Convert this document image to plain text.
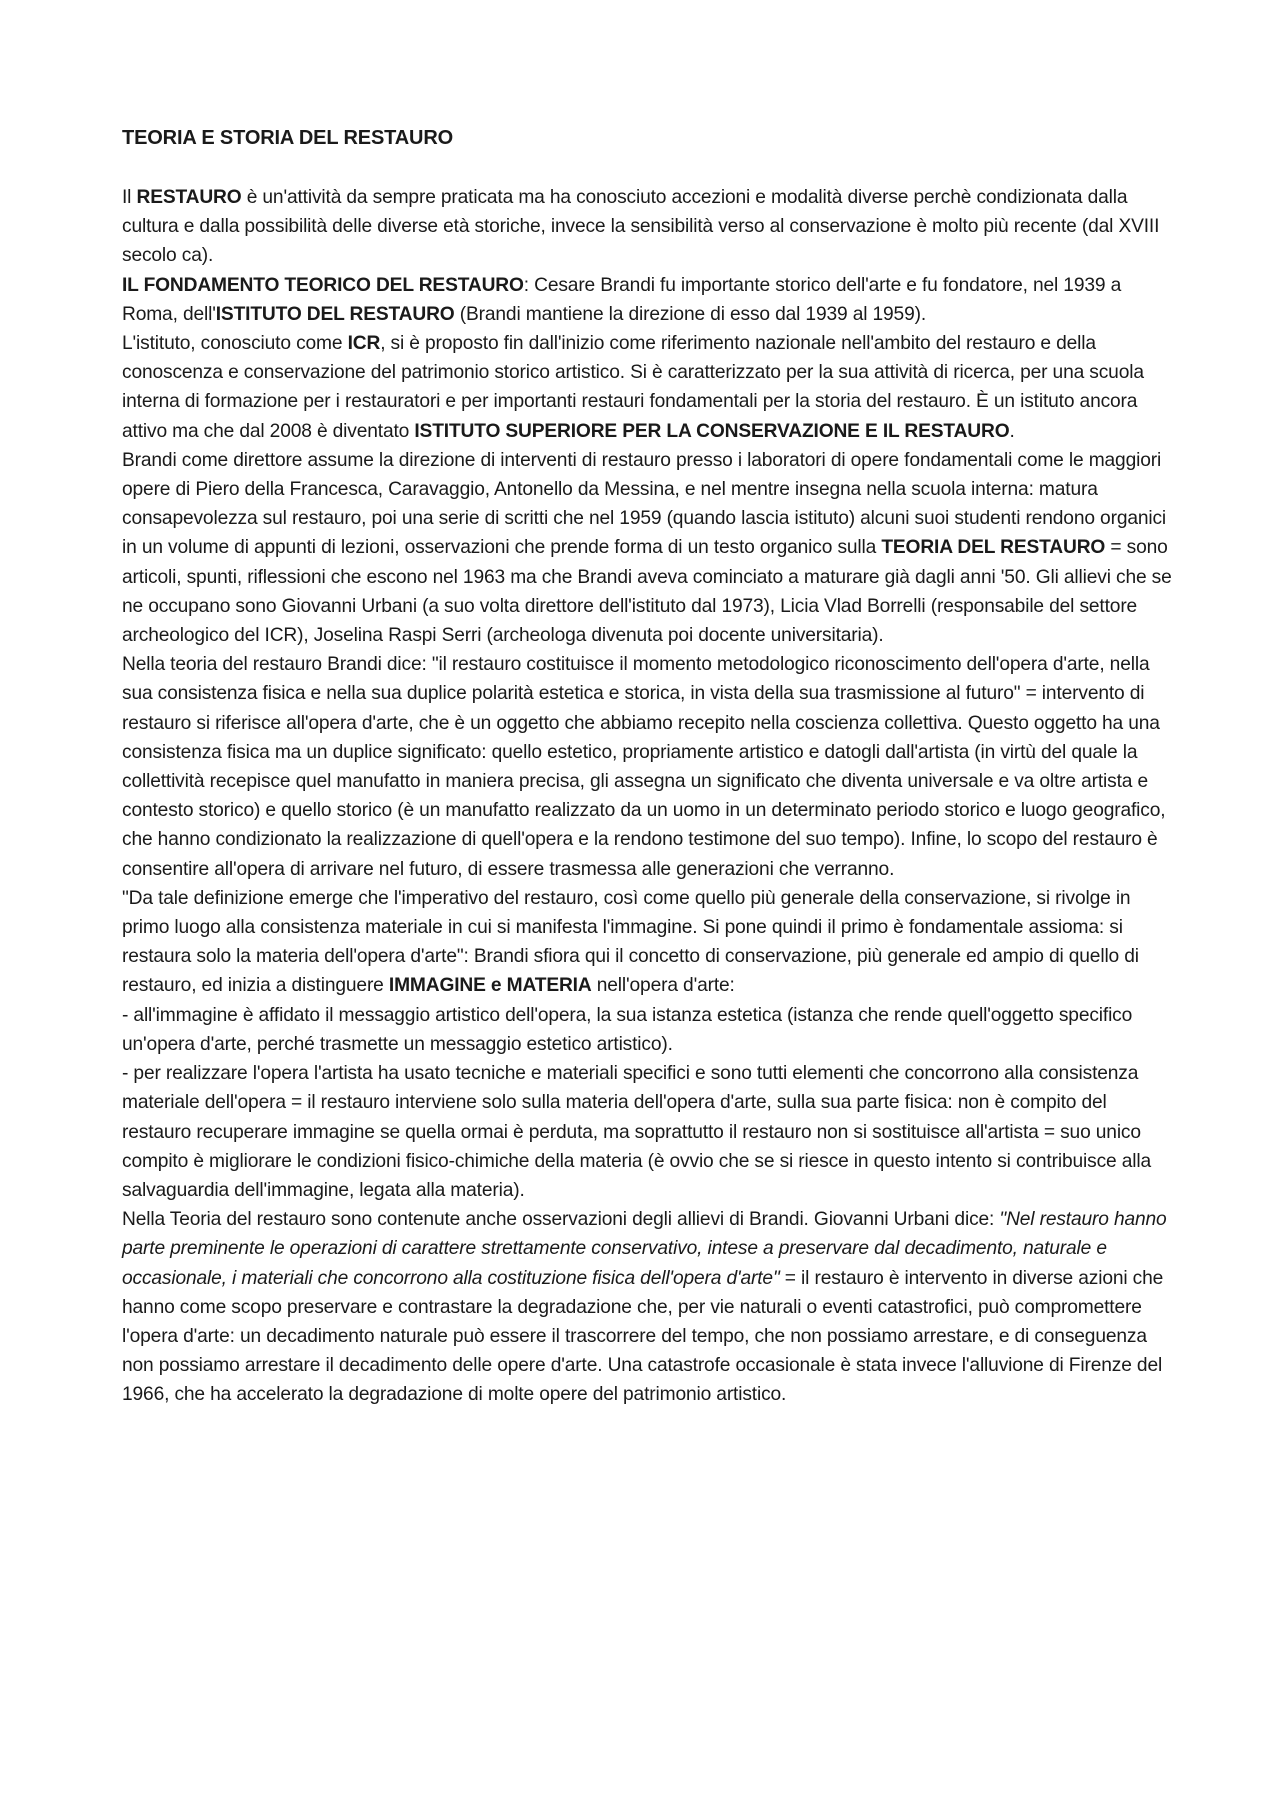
TEORIA E STORIA DEL RESTAURO

Il RESTAURO è un'attività da sempre praticata ma ha conosciuto accezioni e modalità diverse perchè condizionata dalla cultura e dalla possibilità delle diverse età storiche, invece la sensibilità verso al conservazione è molto più recente (dal XVIII secolo ca).

IL FONDAMENTO TEORICO DEL RESTAURO: Cesare Brandi fu importante storico dell'arte e fu fondatore, nel 1939 a Roma, dell'ISTITUTO DEL RESTAURO (Brandi mantiene la direzione di esso dal 1939 al 1959).

L'istituto, conosciuto come ICR, si è proposto fin dall'inizio come riferimento nazionale nell'ambito del restauro e della conoscenza e conservazione del patrimonio storico artistico. Si è caratterizzato per la sua attività di ricerca, per una scuola interna di formazione per i restauratori e per importanti restauri fondamentali per la storia del restauro. È un istituto ancora attivo ma che dal 2008 è diventato ISTITUTO SUPERIORE PER LA CONSERVAZIONE E IL RESTAURO.

Brandi come direttore assume la direzione di interventi di restauro presso i laboratori di opere fondamentali come le maggiori opere di Piero della Francesca, Caravaggio, Antonello da Messina, e nel mentre insegna nella scuola interna: matura consapevolezza sul restauro, poi una serie di scritti che nel 1959 (quando lascia istituto) alcuni suoi studenti rendono organici in un volume di appunti di lezioni, osservazioni che prende forma di un testo organico sulla TEORIA DEL RESTAURO = sono articoli, spunti, riflessioni che escono nel 1963 ma che Brandi aveva cominciato a maturare già dagli anni '50. Gli allievi che se ne occupano sono Giovanni Urbani (a suo volta direttore dell'istituto dal 1973), Licia Vlad Borrelli (responsabile del settore archeologico del ICR), Joselina Raspi Serri (archeologa divenuta poi docente universitaria).

Nella teoria del restauro Brandi dice: "il restauro costituisce il momento metodologico riconoscimento dell'opera d'arte, nella sua consistenza fisica e nella sua duplice polarità estetica e storica, in vista della sua trasmissione al futuro" = intervento di restauro si riferisce all'opera d'arte, che è un oggetto che abbiamo recepito nella coscienza collettiva. Questo oggetto ha una consistenza fisica ma un duplice significato: quello estetico, propriamente artistico e datogli dall'artista (in virtù del quale la collettività recepisce quel manufatto in maniera precisa, gli assegna un significato che diventa universale e va oltre artista e contesto storico) e quello storico (è un manufatto realizzato da un uomo in un determinato periodo storico e luogo geografico, che hanno condizionato la realizzazione di quell'opera e la rendono testimone del suo tempo). Infine, lo scopo del restauro è consentire all'opera di arrivare nel futuro, di essere trasmessa alle generazioni che verranno.

"Da tale definizione emerge che l'imperativo del restauro, così come quello più generale della conservazione, si rivolge in primo luogo alla consistenza materiale in cui si manifesta l'immagine. Si pone quindi il primo è fondamentale assioma: si restaura solo la materia dell'opera d'arte": Brandi sfiora qui il concetto di conservazione, più generale ed ampio di quello di restauro, ed inizia a distinguere IMMAGINE e MATERIA nell'opera d'arte:

- all'immagine è affidato il messaggio artistico dell'opera, la sua istanza estetica (istanza che rende quell'oggetto specifico un'opera d'arte, perché trasmette un messaggio estetico artistico).

- per realizzare l'opera l'artista ha usato tecniche e materiali specifici e sono tutti elementi che concorrono alla consistenza materiale dell'opera = il restauro interviene solo sulla materia dell'opera d'arte, sulla sua parte fisica: non è compito del restauro recuperare immagine se quella ormai è perduta, ma soprattutto il restauro non si sostituisce all'artista = suo unico compito è migliorare le condizioni fisico-chimiche della materia (è ovvio che se si riesce in questo intento si contribuisce alla salvaguardia dell'immagine, legata alla materia).

Nella Teoria del restauro sono contenute anche osservazioni degli allievi di Brandi. Giovanni Urbani dice: "Nel restauro hanno parte preminente le operazioni di carattere strettamente conservativo, intese a preservare dal decadimento, naturale e occasionale, i materiali che concorrono alla costituzione fisica dell'opera d'arte" = il restauro è intervento in diverse azioni che hanno come scopo preservare e contrastare la degradazione che, per vie naturali o eventi catastrofici, può compromettere l'opera d'arte: un decadimento naturale può essere il trascorrere del tempo, che non possiamo arrestare, e di conseguenza non possiamo arrestare il decadimento delle opere d'arte. Una catastrofe occasionale è stata invece l'alluvione di Firenze del 1966, che ha accelerato la degradazione di molte opere del patrimonio artistico.
